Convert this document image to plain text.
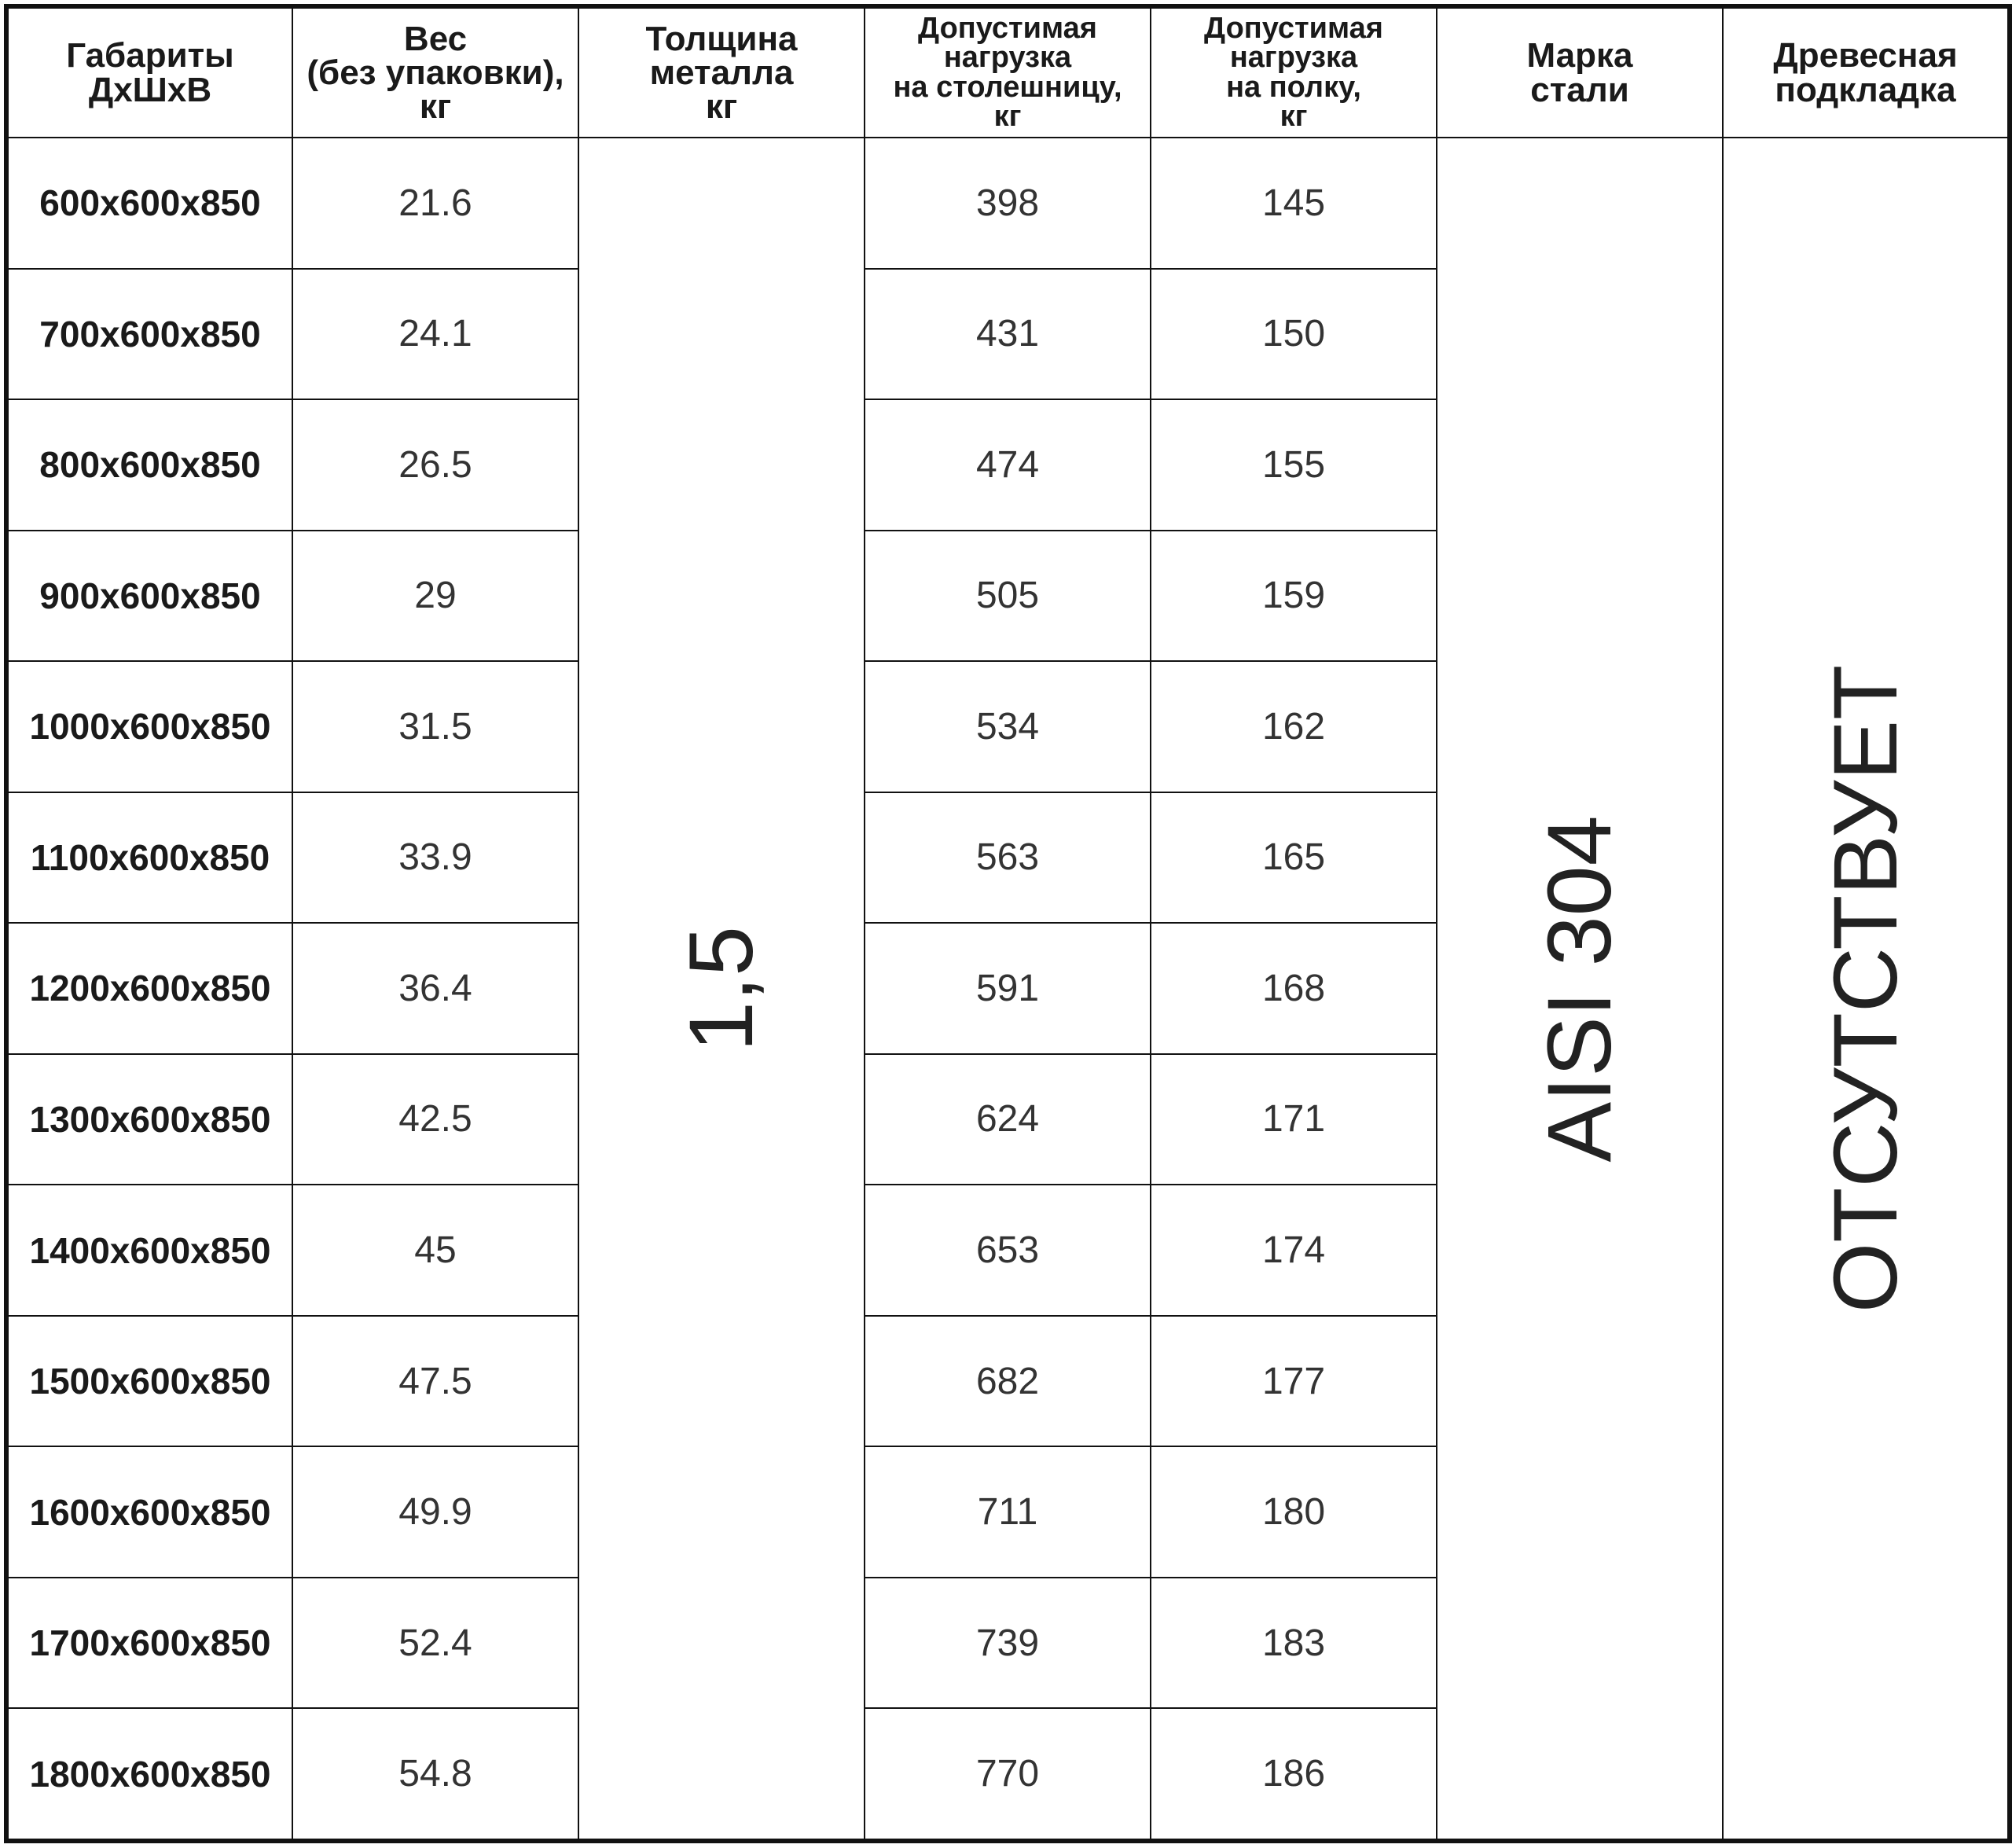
Габариты
ДхШхВ	Вес
(без упаковки),
кг	Толщина
металла
кг	Допустимая
нагрузка
на столешницу,
кг	Допустимая
нагрузка
на полку,
кг	Марка
стали	Древесная
подкладка
600x600x850	21.6	1,5	398	145	AISI 304	ОТСУТСТВУЕТ

700x600x850	24.1		431	150		
800x600x850	26.5		474	155		
900x600x850	29		505	159		
1000x600x850	31.5		534	162		
1100x600x850	33.9		563	165		
1200x600x850	36.4		591	168		
1300x600x850	42.5		624	171		
1400x600x850	45		653	174		
1500x600x850	47.5		682	177		
1600x600x850	49.9		711	180		
1700x600x850	52.4		739	183		
1800x600x850	54.8		770	186		
